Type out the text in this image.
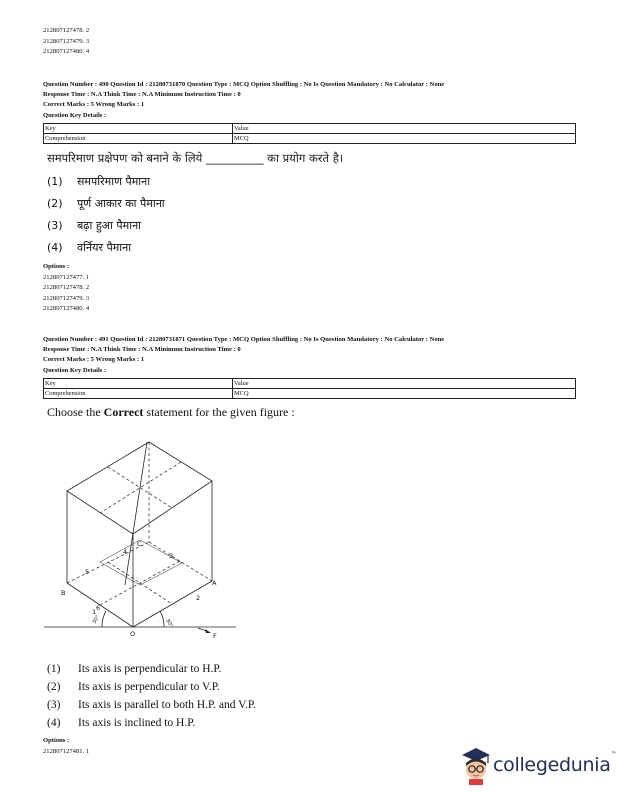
212807127478. 2
212807127479. 3
212807127480. 4
Question Number : 490 Question Id : 21280731870 Question Type : MCQ Option Shuffling : No Is Question Mandatory : No Calculator : None
Response Time : N.A Think Time : N.A Minimum Instruction Time : 0
Correct Marks : 5 Wrong Marks : 1
Question Key Details :
Key	Value
Comprehension	MCQ
समपरिमाण प्रक्षेपण को बनाने के लिये __________ का प्रयोग करते है।
(1) समपरिमाण पैमाना
(2) पूर्ण आकार का पैमाना
(3) बढ़ा हुआ पैमाना
(4) वर्नियर पैमाना
Options :
212807127477. 1
212807127478. 2
212807127479. 3
212807127480. 4
Question Number : 491 Question Id : 21280731871 Question Type : MCQ Option Shuffling : No Is Question Mandatory : No Calculator : None
Response Time : N.A Think Time : N.A Minimum Instruction Time : 0
Correct Marks : 5 Wrong Marks : 1
Question Key Details :
Key	Value
Comprehension	MCQ
Choose the Correct statement for the given figure :
C
B
A
O	F
4
5
3
2
6
1
30°	30°
(1) Its axis is perpendicular to H.P.
(2) Its axis is perpendicular to V.P.
(3) Its axis is parallel to both H.P. and V.P.
(4) Its axis is inclined to H.P.
Options :
212807127481. 1
collegedunia ™
